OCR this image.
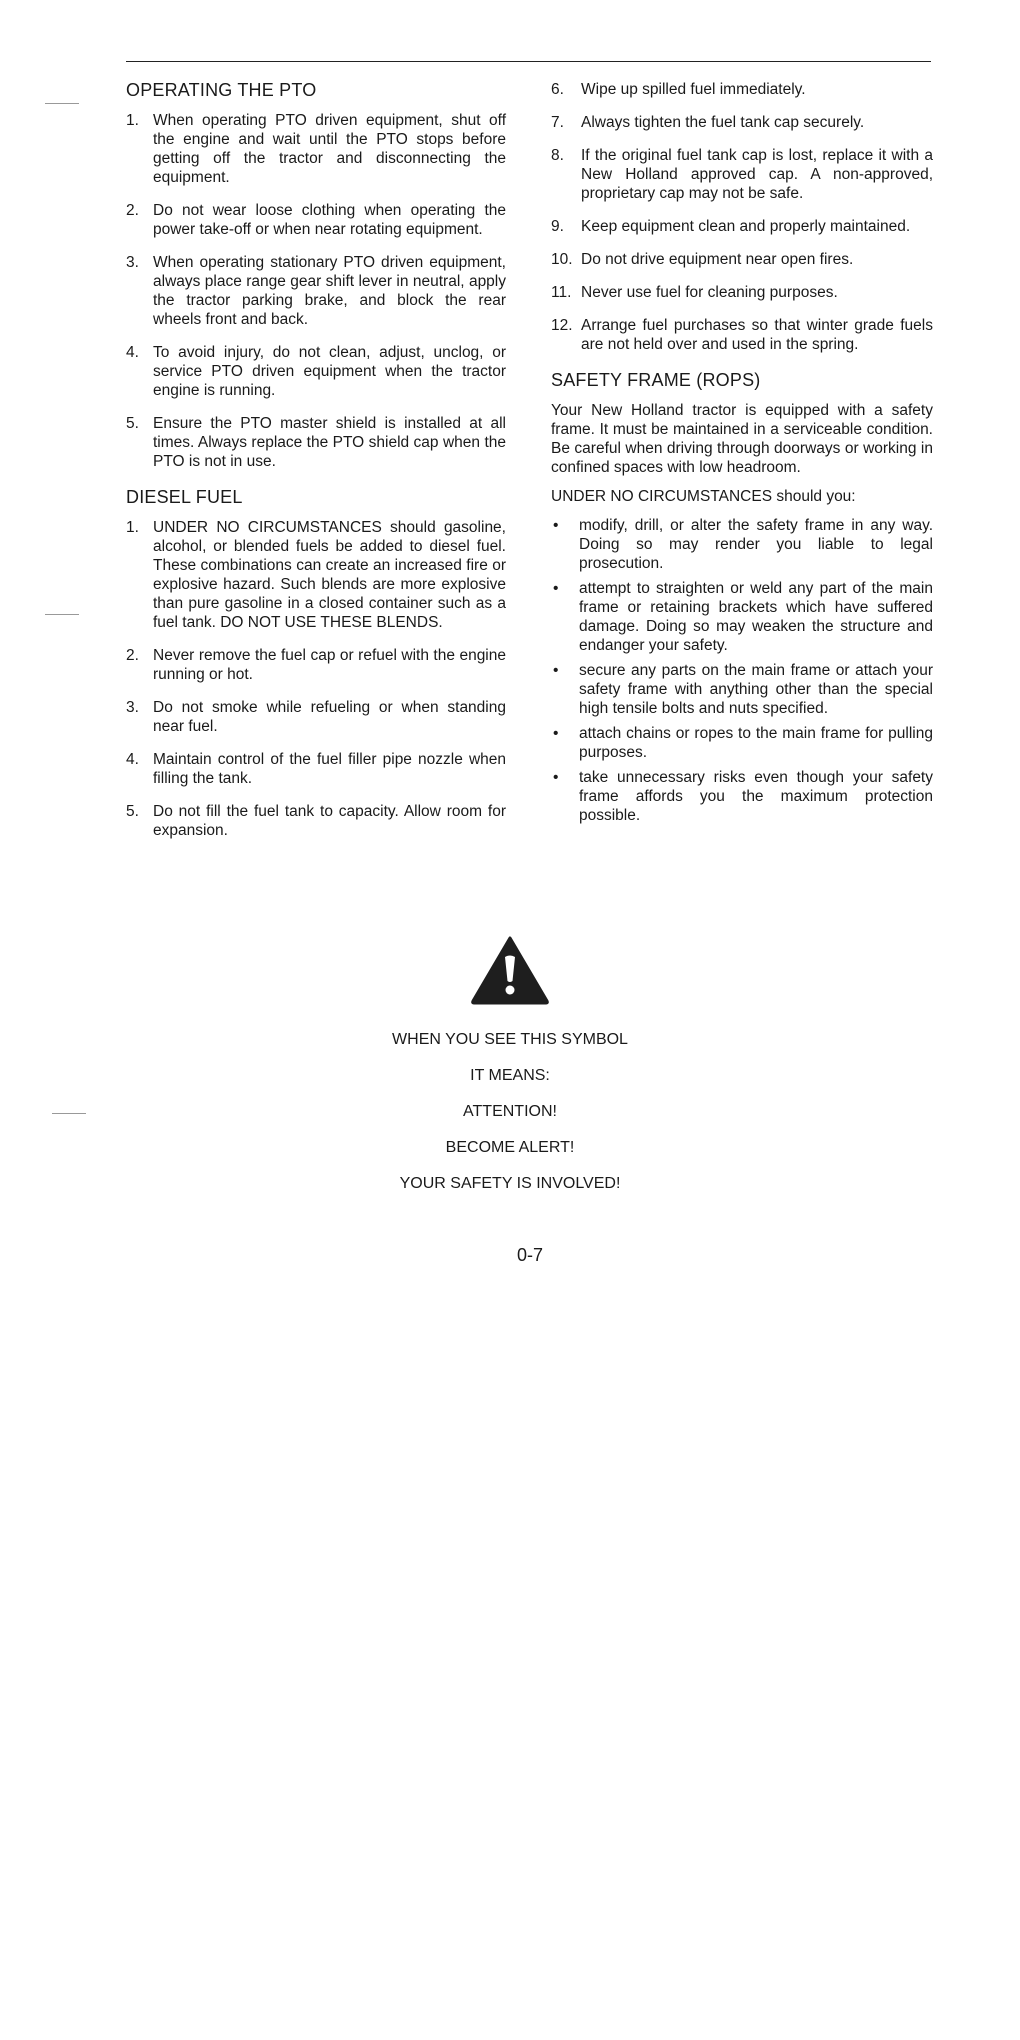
OPERATING THE PTO
1. When operating PTO driven equipment, shut off the engine and wait until the PTO stops before getting off the tractor and disconnecting the equipment.
2. Do not wear loose clothing when operating the power take-off or when near rotating equipment.
3. When operating stationary PTO driven equipment, always place range gear shift lever in neutral, apply the tractor parking brake, and block the rear wheels front and back.
4. To avoid injury, do not clean, adjust, unclog, or service PTO driven equipment when the tractor engine is running.
5. Ensure the PTO master shield is installed at all times. Always replace the PTO shield cap when the PTO is not in use.
DIESEL FUEL
1. UNDER NO CIRCUMSTANCES should gasoline, alcohol, or blended fuels be added to diesel fuel. These combinations can create an increased fire or explosive hazard. Such blends are more explosive than pure gasoline in a closed container such as a fuel tank. DO NOT USE THESE BLENDS.
2. Never remove the fuel cap or refuel with the engine running or hot.
3. Do not smoke while refueling or when standing near fuel.
4. Maintain control of the fuel filler pipe nozzle when filling the tank.
5. Do not fill the fuel tank to capacity. Allow room for expansion.
6. Wipe up spilled fuel immediately.
7. Always tighten the fuel tank cap securely.
8. If the original fuel tank cap is lost, replace it with a New Holland approved cap. A non-approved, proprietary cap may not be safe.
9. Keep equipment clean and properly maintained.
10. Do not drive equipment near open fires.
11. Never use fuel for cleaning purposes.
12. Arrange fuel purchases so that winter grade fuels are not held over and used in the spring.
SAFETY FRAME (ROPS)

Your New Holland tractor is equipped with a safety frame. It must be maintained in a serviceable condition. Be careful when driving through doorways or working in confined spaces with low headroom.

UNDER NO CIRCUMSTANCES should you:

• modify, drill, or alter the safety frame in any way. Doing so may render you liable to legal prosecution.
• attempt to straighten or weld any part of the main frame or retaining brackets which have suffered damage. Doing so may weaken the structure and endanger your safety.
• secure any parts on the main frame or attach your safety frame with anything other than the special high tensile bolts and nuts specified.
• attach chains or ropes to the main frame for pulling purposes.
• take unnecessary risks even though your safety frame affords you the maximum protection possible.
WHEN YOU SEE THIS SYMBOL
IT MEANS:
ATTENTION!
BECOME ALERT!
YOUR SAFETY IS INVOLVED!
0-7
